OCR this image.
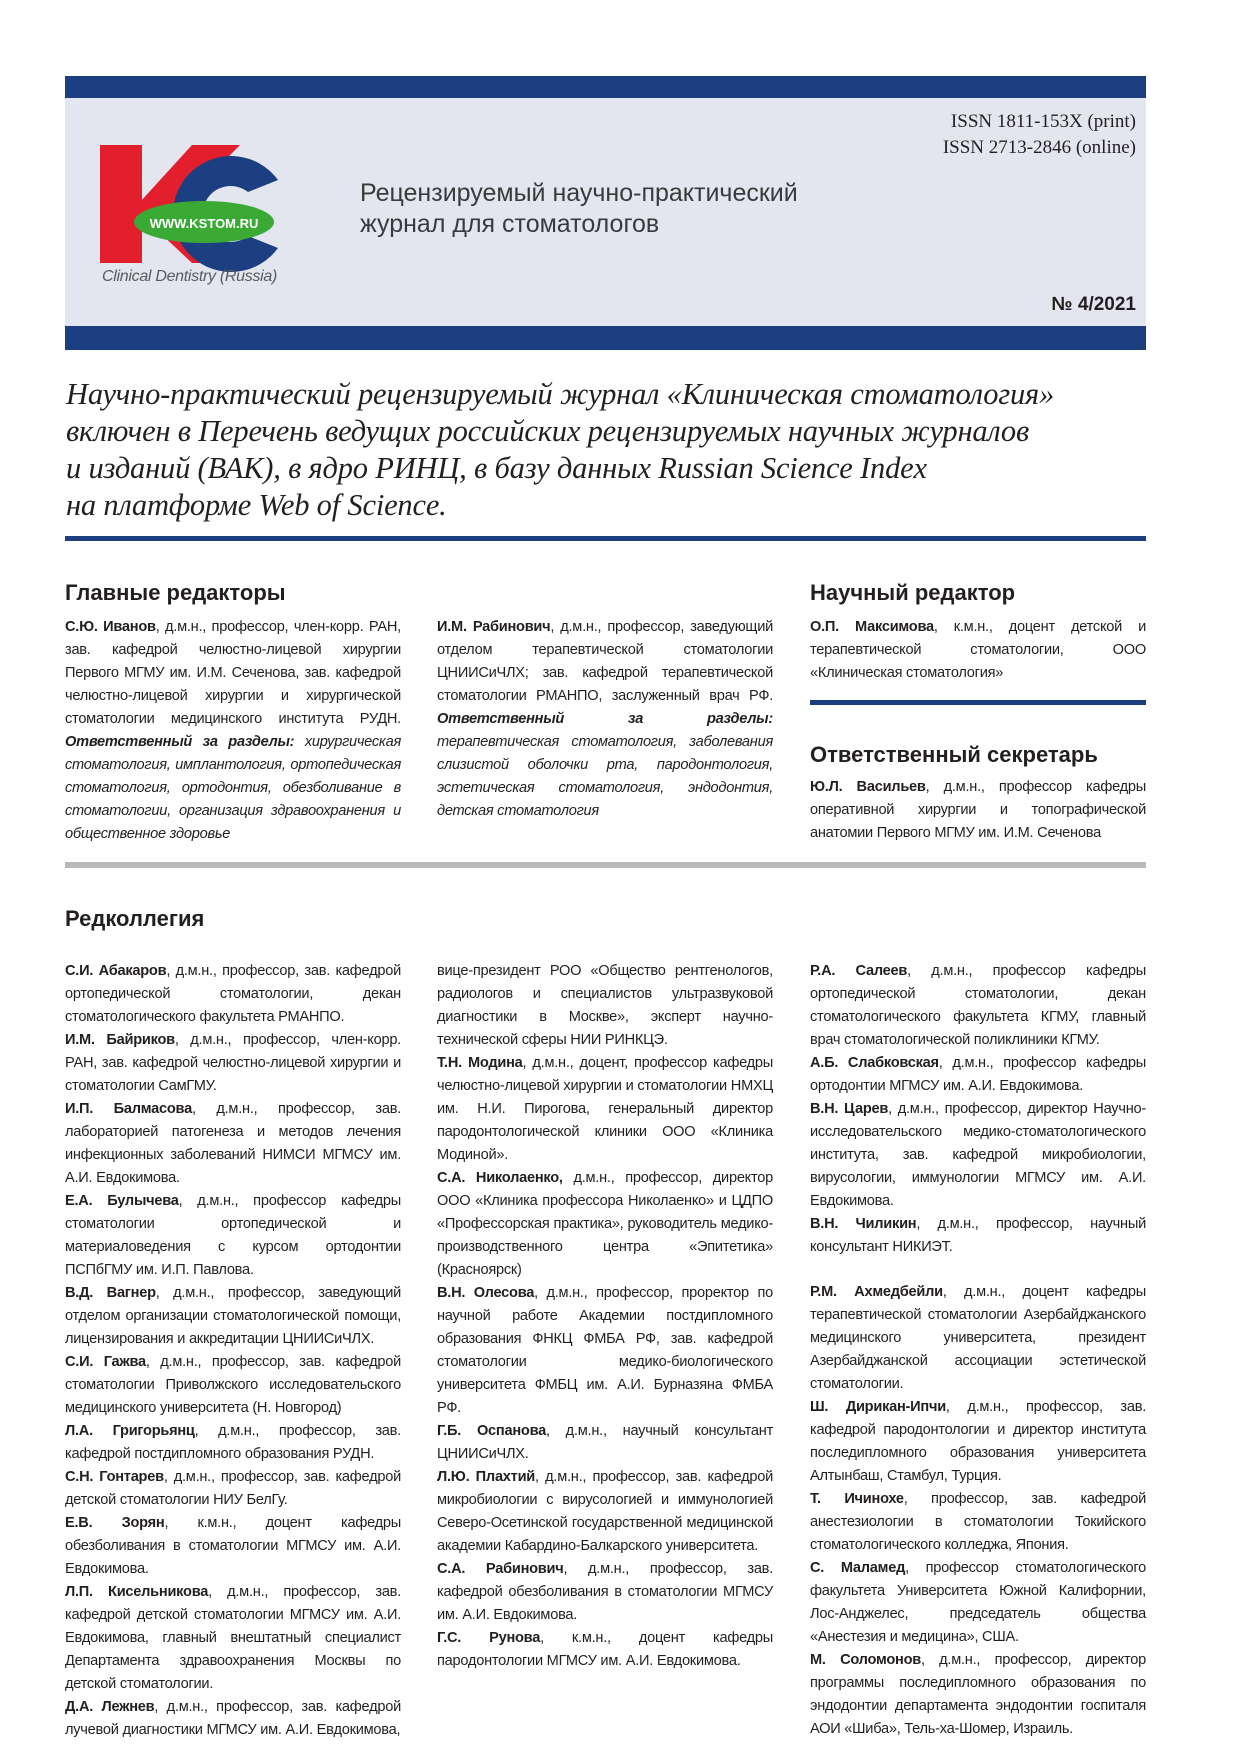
WWW.KSTOM.RU
Clinical Dentistry (Russia)
Рецензируемый научно-практический
журнал для стоматологов
ISSN 1811-153X (print)
ISSN 2713-2846 (online)
№ 4/2021
Научно-практический рецензируемый журнал «Клиническая стоматология»
включен в Перечень ведущих российских рецензируемых научных журналов
и изданий (ВАК), в ядро РИНЦ, в базу данных Russian Science Index
на платформе Web of Science.
Главные редакторы

С.Ю. Иванов, д.м.н., профессор, член-корр. РАН, зав. кафедрой челюстно-лицевой хирургии Первого МГМУ им. И.М. Сеченова, зав. кафедрой челюстно-лицевой хирургии и хирургической стоматологии медицинского института РУДН. Ответственный за разделы: хирургическая стоматология, имплантология, ортопедическая стоматология, ортодонтия, обезболивание в стоматологии, организация здравоохранения и общественное здоровье

И.М. Рабинович, д.м.н., профессор, заведующий отделом терапевтической стоматологии ЦНИИСиЧЛХ; зав. кафедрой терапевтической стоматологии РМАНПО, заслуженный врач РФ. Ответственный за разделы: терапевтическая стоматология, заболевания слизистой оболочки рта, пародонтология, эстетическая стоматология, эндодонтия, детская стоматология

Научный редактор

О.П. Максимова, к.м.н., доцент детской и терапевтической стоматологии, ООО «Клиническая стоматология»

Ответственный секретарь

Ю.Л. Васильев, д.м.н., профессор кафедры оперативной хирургии и топографической анатомии Первого МГМУ им. И.М. Сеченова

Редколлегия

С.И. Абакаров, д.м.н., профессор, зав. кафедрой ортопедической стоматологии, декан стоматологического факультета РМАНПО.

И.М. Байриков, д.м.н., профессор, член-корр. РАН, зав. кафедрой челюстно-лицевой хирургии и стоматологии СамГМУ.

И.П. Балмасова, д.м.н., профессор, зав. лабораторией патогенеза и методов лечения инфекционных заболеваний НИМСИ МГМСУ им. А.И. Евдокимова.

Е.А. Булычева, д.м.н., профессор кафедры стоматологии ортопедической и материаловедения с курсом ортодонтии ПСПбГМУ им. И.П. Павлова.

В.Д. Вагнер, д.м.н., профессор, заведующий отделом организации стоматологической помощи, лицензирования и аккредитации ЦНИИСиЧЛХ.

С.И. Гажва, д.м.н., профессор, зав. кафедрой стоматологии Приволжского исследовательского медицинского университета (Н. Новгород)

Л.А. Григорьянц, д.м.н., профессор, зав. кафедрой постдипломного образования РУДН.

С.Н. Гонтарев, д.м.н., профессор, зав. кафедрой детской стоматологии НИУ БелГу.

Е.В. Зорян, к.м.н., доцент кафедры обезболивания в стоматологии МГМСУ им. А.И. Евдокимова.

Л.П. Кисельникова, д.м.н., профессор, зав. кафедрой детской стоматологии МГМСУ им. А.И. Евдокимова, главный внештатный специалист Департамента здравоохранения Москвы по детской стоматологии.

Д.А. Лежнев, д.м.н., профессор, зав. кафедрой лучевой диагностики МГМСУ им. А.И. Евдокимова,

вице-президент РОО «Общество рентгенологов, радиологов и специалистов ультразвуковой диагностики в Москве», эксперт научно-технической сферы НИИ РИНКЦЭ.

Т.Н. Модина, д.м.н., доцент, профессор кафедры челюстно-лицевой хирургии и стоматологии НМХЦ им. Н.И. Пирогова, генеральный директор пародонтологической клиники ООО «Клиника Модиной».

С.А. Николаенко, д.м.н., профессор, директор ООО «Клиника профессора Николаенко» и ЦДПО «Профессорская практика», руководитель медико-производственного центра «Эпитетика» (Красноярск)

В.Н. Олесова, д.м.н., профессор, проректор по научной работе Академии постдипломного образования ФНКЦ ФМБА РФ, зав. кафедрой стоматологии медико-биологического университета ФМБЦ им. А.И. Бурназяна ФМБА РФ.

Г.Б. Оспанова, д.м.н., научный консультант ЦНИИСиЧЛХ.

Л.Ю. Плахтий, д.м.н., профессор, зав. кафедрой микробиологии с вирусологией и иммунологией Северо-Осетинской государственной медицинской академии Кабардино-Балкарского университета.

С.А. Рабинович, д.м.н., профессор, зав. кафедрой обезболивания в стоматологии МГМСУ им. А.И. Евдокимова.

Г.С. Рунова, к.м.н., доцент кафедры пародонтологии МГМСУ им. А.И. Евдокимова.

Р.А. Салеев, д.м.н., профессор кафедры ортопедической стоматологии, декан стоматологического факультета КГМУ, главный врач стоматологической поликлиники КГМУ.

А.Б. Слабковская, д.м.н., профессор кафедры ортодонтии МГМСУ им. А.И. Евдокимова.

В.Н. Царев, д.м.н., профессор, директор Научно-исследовательского медико-стоматологического института, зав. кафедрой микробиологии, вирусологии, иммунологии МГМСУ им. А.И. Евдокимова.

В.Н. Чиликин, д.м.н., профессор, научный консультант НИКИЭТ.

Р.М. Ахмедбейли, д.м.н., доцент кафедры терапевтической стоматологии Азербайджанского медицинского университета, президент Азербайджанской ассоциации эстетической стоматологии.

Ш. Дирикан-Ипчи, д.м.н., профессор, зав. кафедрой пародонтологии и директор института последипломного образования университета Алтынбаш, Стамбул, Турция.

Т. Ичинохе, профессор, зав. кафедрой анестезиологии в стоматологии Токийского стоматологического колледжа, Япония.

С. Маламед, профессор стоматологического факультета Университета Южной Калифорнии, Лос-Анджелес, председатель общества «Анестезия и медицина», США.

М. Соломонов, д.м.н., профессор, директор программы последипломного образования по эндодонтии департамента эндодонтии госпиталя АОИ «Шиба», Тель-ха-Шомер, Израиль.
